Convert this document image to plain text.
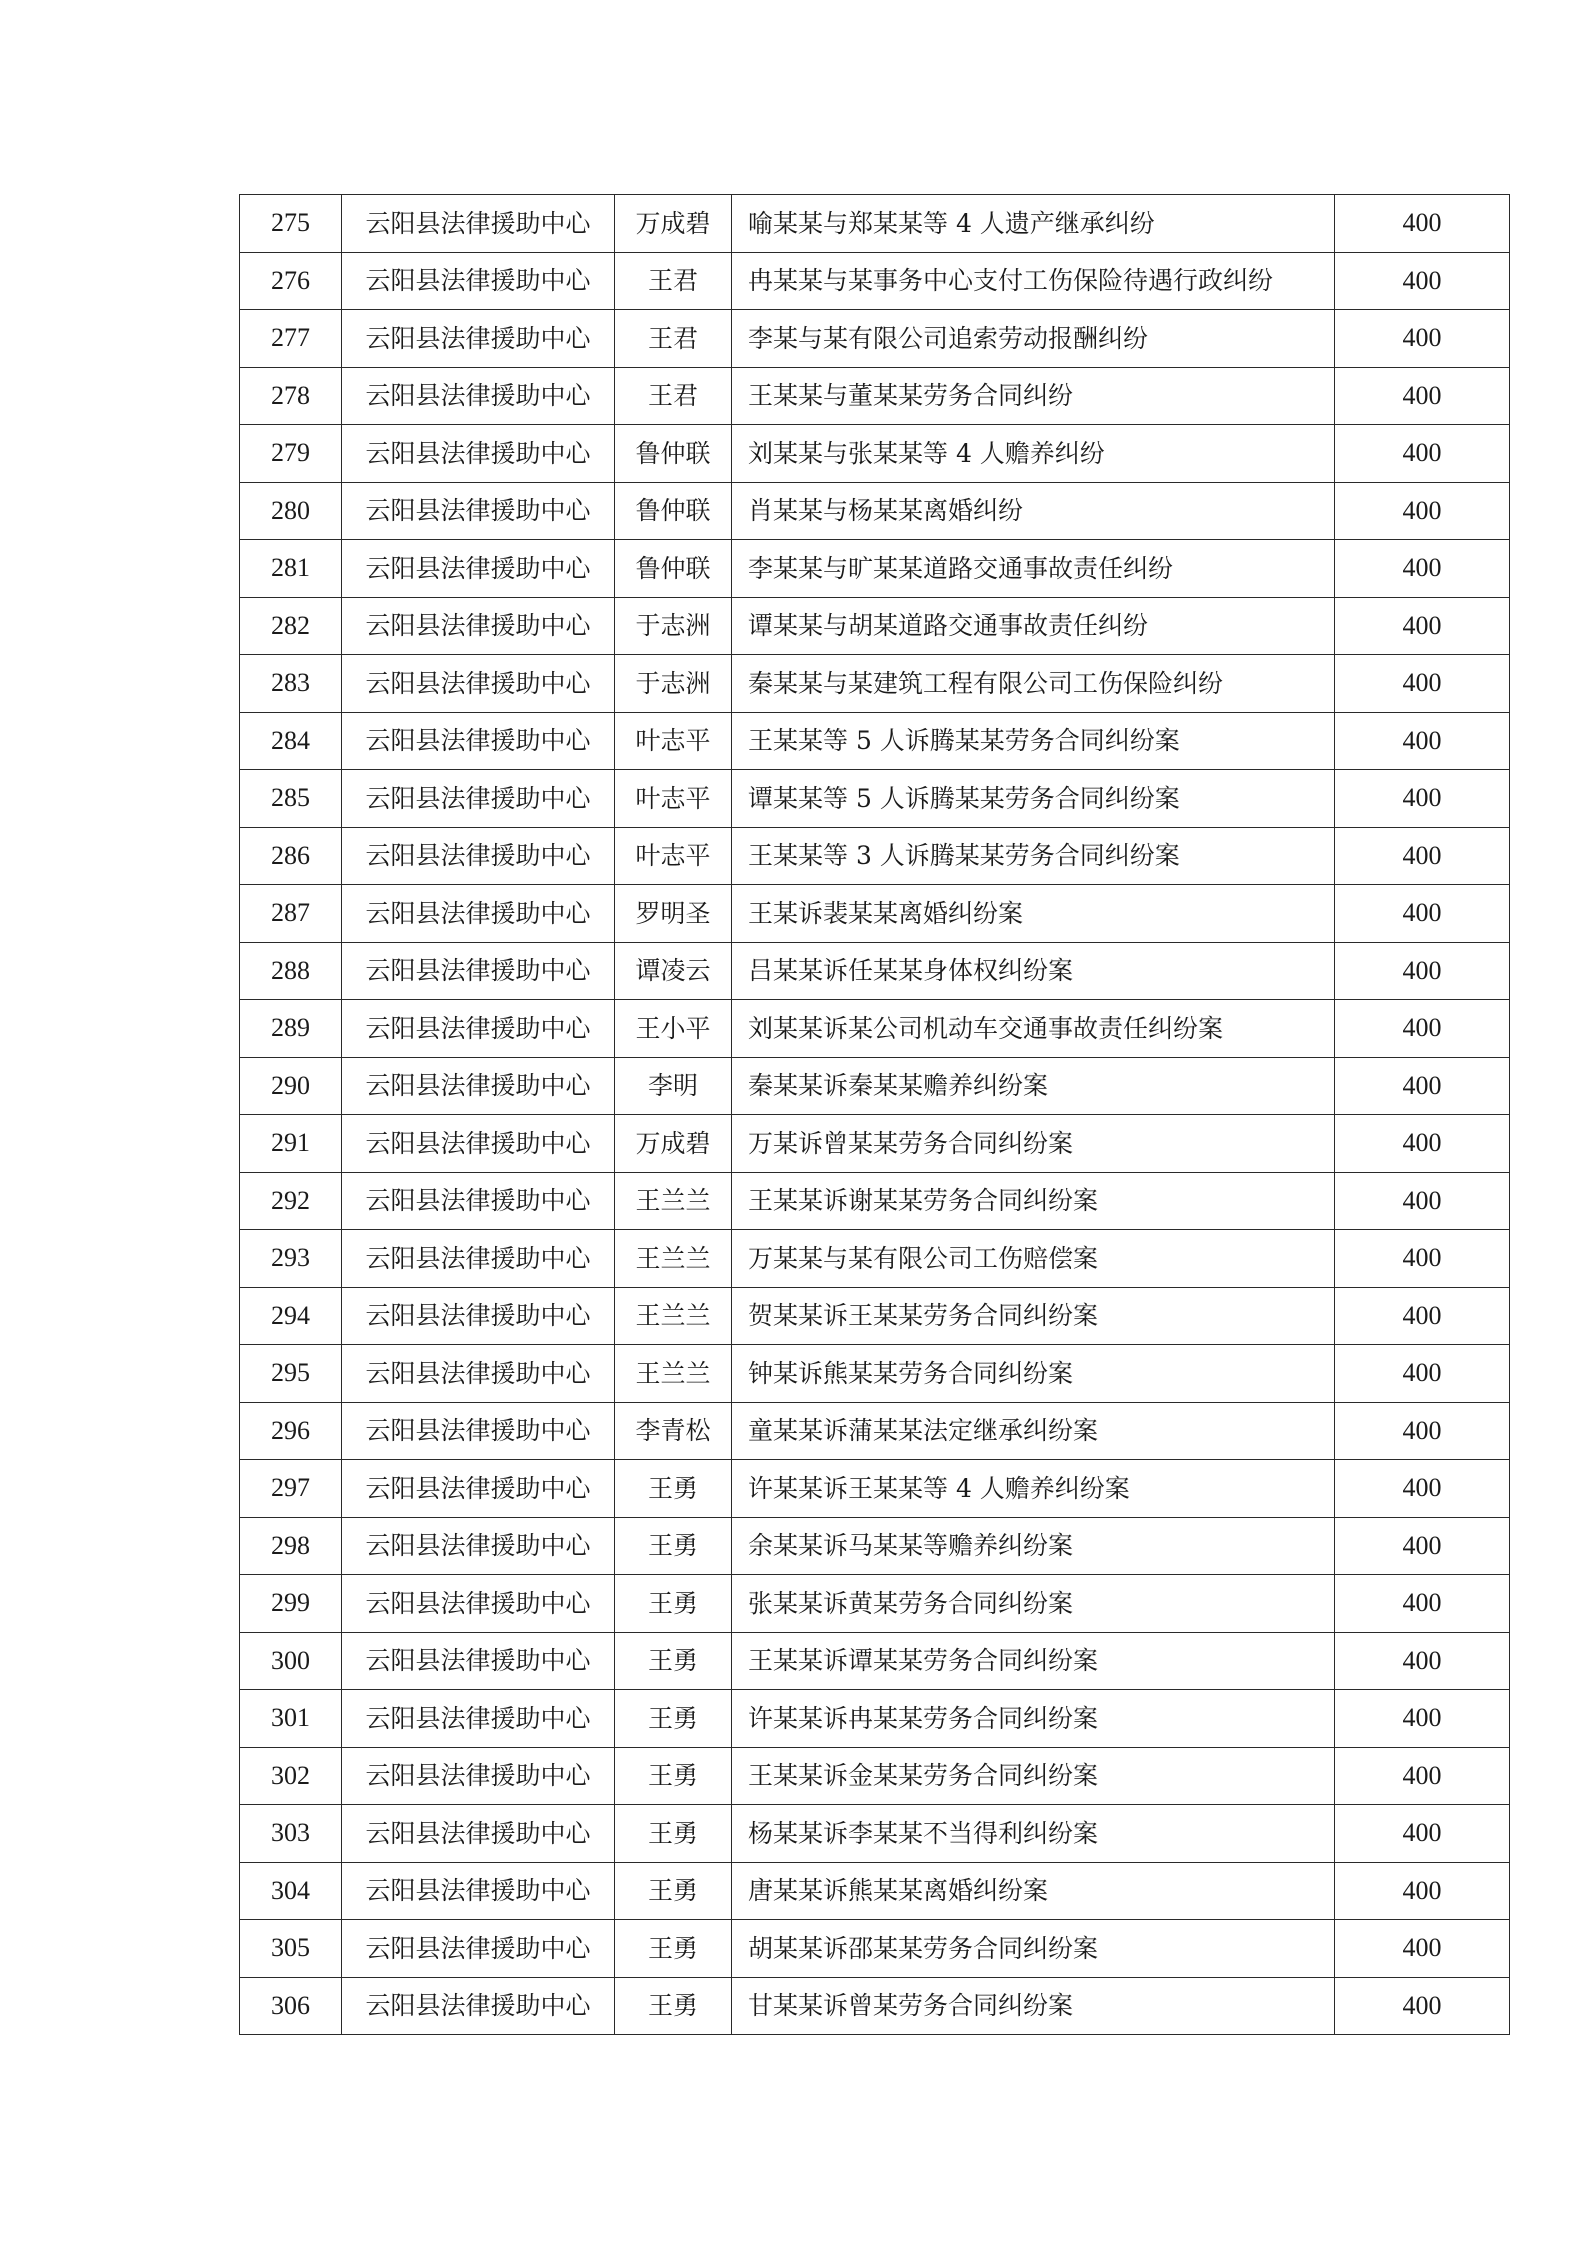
275	云阳县法律援助中心	万成碧	喻某某与郑某某等 4 人遗产继承纠纷	400
276	云阳县法律援助中心	王君	冉某某与某事务中心支付工伤保险待遇行政纠纷	400
277	云阳县法律援助中心	王君	李某与某有限公司追索劳动报酬纠纷	400
278	云阳县法律援助中心	王君	王某某与董某某劳务合同纠纷	400
279	云阳县法律援助中心	鲁仲联	刘某某与张某某等 4 人赡养纠纷	400
280	云阳县法律援助中心	鲁仲联	肖某某与杨某某离婚纠纷	400
281	云阳县法律援助中心	鲁仲联	李某某与旷某某道路交通事故责任纠纷	400
282	云阳县法律援助中心	于志洲	谭某某与胡某道路交通事故责任纠纷	400
283	云阳县法律援助中心	于志洲	秦某某与某建筑工程有限公司工伤保险纠纷	400
284	云阳县法律援助中心	叶志平	王某某等 5 人诉腾某某劳务合同纠纷案	400
285	云阳县法律援助中心	叶志平	谭某某等 5 人诉腾某某劳务合同纠纷案	400
286	云阳县法律援助中心	叶志平	王某某等 3 人诉腾某某劳务合同纠纷案	400
287	云阳县法律援助中心	罗明圣	王某诉裴某某离婚纠纷案	400
288	云阳县法律援助中心	谭凌云	吕某某诉任某某身体权纠纷案	400
289	云阳县法律援助中心	王小平	刘某某诉某公司机动车交通事故责任纠纷案	400
290	云阳县法律援助中心	李明	秦某某诉秦某某赡养纠纷案	400
291	云阳县法律援助中心	万成碧	万某诉曾某某劳务合同纠纷案	400
292	云阳县法律援助中心	王兰兰	王某某诉谢某某劳务合同纠纷案	400
293	云阳县法律援助中心	王兰兰	万某某与某有限公司工伤赔偿案	400
294	云阳县法律援助中心	王兰兰	贺某某诉王某某劳务合同纠纷案	400
295	云阳县法律援助中心	王兰兰	钟某诉熊某某劳务合同纠纷案	400
296	云阳县法律援助中心	李青松	童某某诉蒲某某法定继承纠纷案	400
297	云阳县法律援助中心	王勇	许某某诉王某某等 4 人赡养纠纷案	400
298	云阳县法律援助中心	王勇	余某某诉马某某等赡养纠纷案	400
299	云阳县法律援助中心	王勇	张某某诉黄某劳务合同纠纷案	400
300	云阳县法律援助中心	王勇	王某某诉谭某某劳务合同纠纷案	400
301	云阳县法律援助中心	王勇	许某某诉冉某某劳务合同纠纷案	400
302	云阳县法律援助中心	王勇	王某某诉金某某劳务合同纠纷案	400
303	云阳县法律援助中心	王勇	杨某某诉李某某不当得利纠纷案	400
304	云阳县法律援助中心	王勇	唐某某诉熊某某离婚纠纷案	400
305	云阳县法律援助中心	王勇	胡某某诉邵某某劳务合同纠纷案	400
306	云阳县法律援助中心	王勇	甘某某诉曾某劳务合同纠纷案	400
